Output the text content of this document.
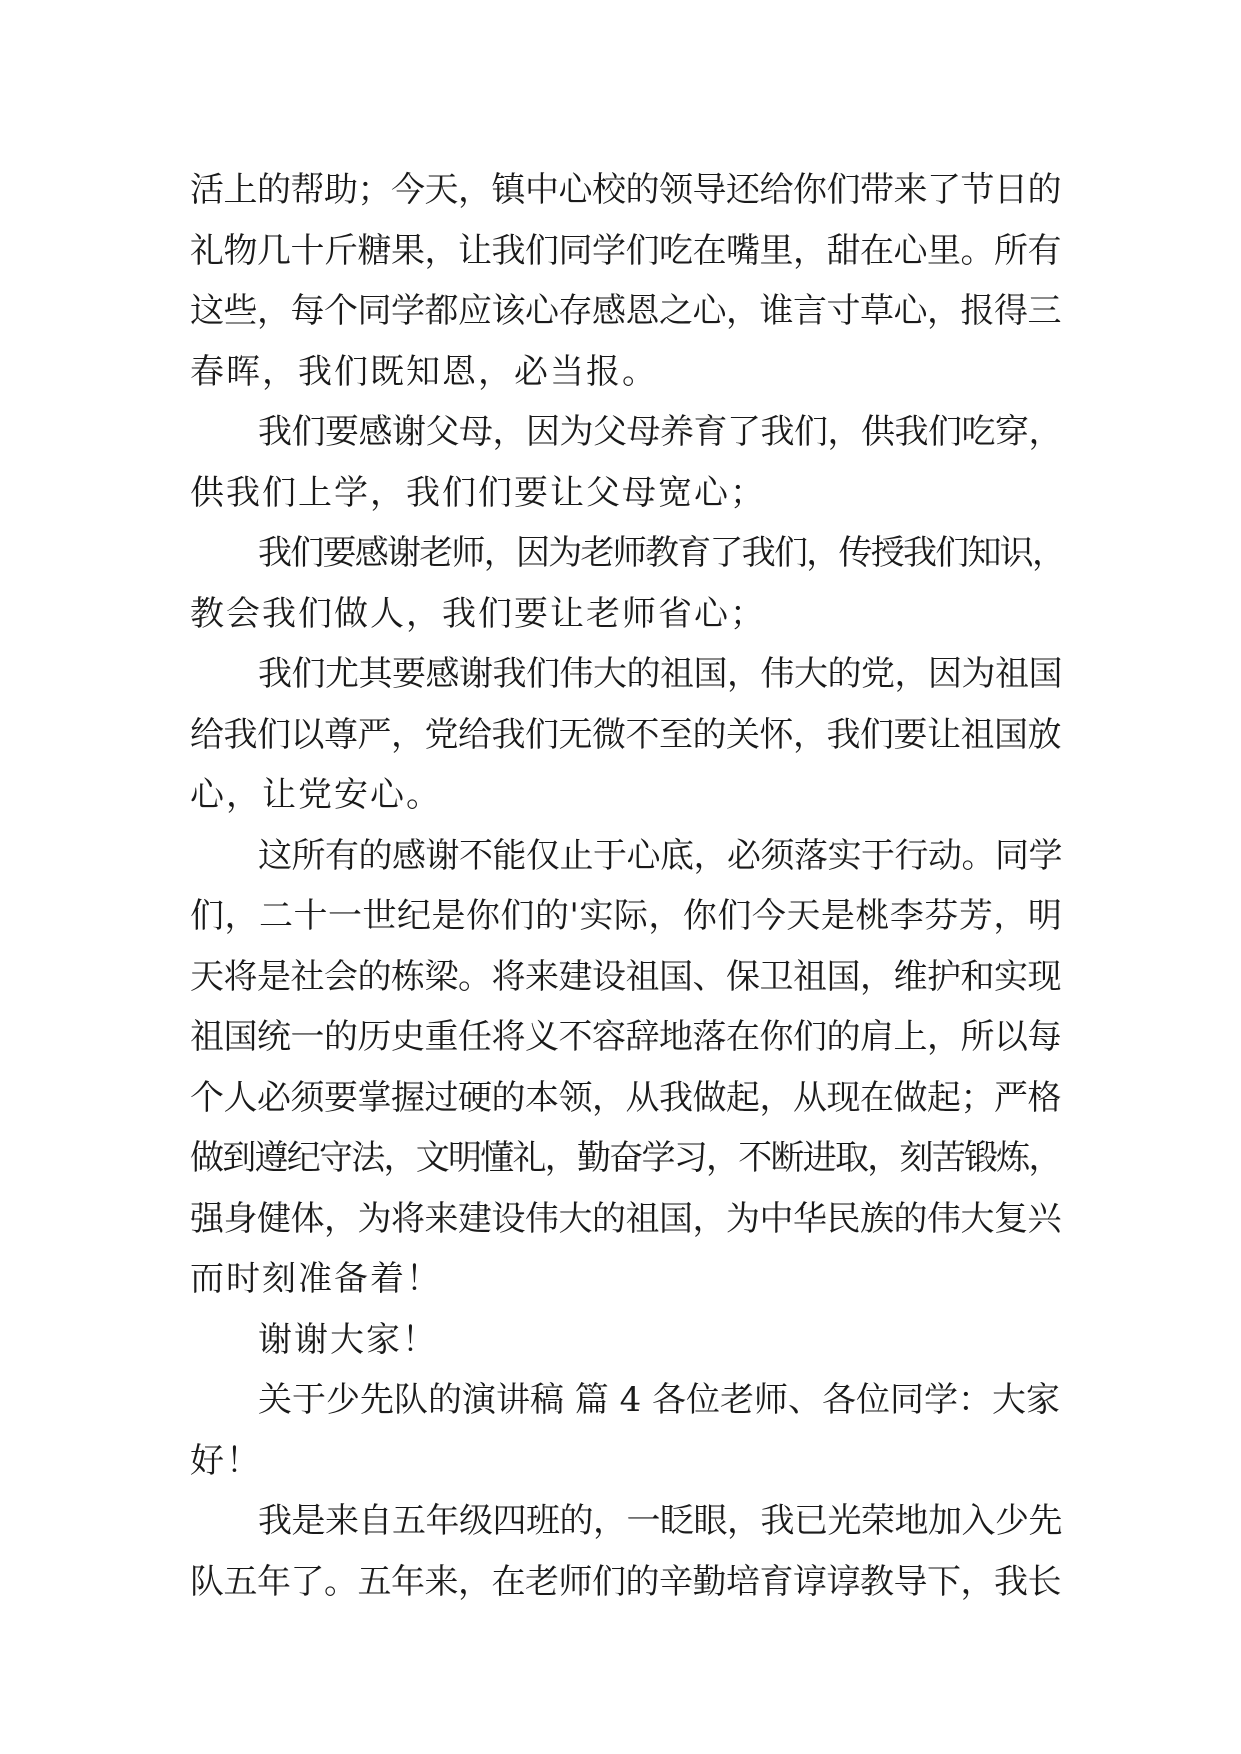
活上的帮助；今天，镇中心校的领导还给你们带来了节日的
礼物几十斤糖果，让我们同学们吃在嘴里，甜在心里。所有
这些，每个同学都应该心存感恩之心，谁言寸草心，报得三
春晖，我们既知恩，必当报。
我们要感谢父母，因为父母养育了我们，供我们吃穿，
供我们上学，我们们要让父母宽心；
我们要感谢老师，因为老师教育了我们，传授我们知识，
教会我们做人，我们要让老师省心；
我们尤其要感谢我们伟大的祖国，伟大的党，因为祖国
给我们以尊严，党给我们无微不至的关怀，我们要让祖国放
心，让党安心。
这所有的感谢不能仅止于心底，必须落实于行动。同学
们，二十一世纪是你们的'实际，你们今天是桃李芬芳，明
天将是社会的栋梁。将来建设祖国、保卫祖国，维护和实现
祖国统一的历史重任将义不容辞地落在你们的肩上，所以每
个人必须要掌握过硬的本领，从我做起，从现在做起；严格
做到遵纪守法，文明懂礼，勤奋学习，不断进取，刻苦锻炼，
强身健体，为将来建设伟大的祖国，为中华民族的伟大复兴
而时刻准备着！
谢谢大家！
关于少先队的演讲稿 篇 4 各位老师、各位同学：大家
好！
我是来自五年级四班的，一眨眼，我已光荣地加入少先
队五年了。五年来，在老师们的辛勤培育谆谆教导下，我长
